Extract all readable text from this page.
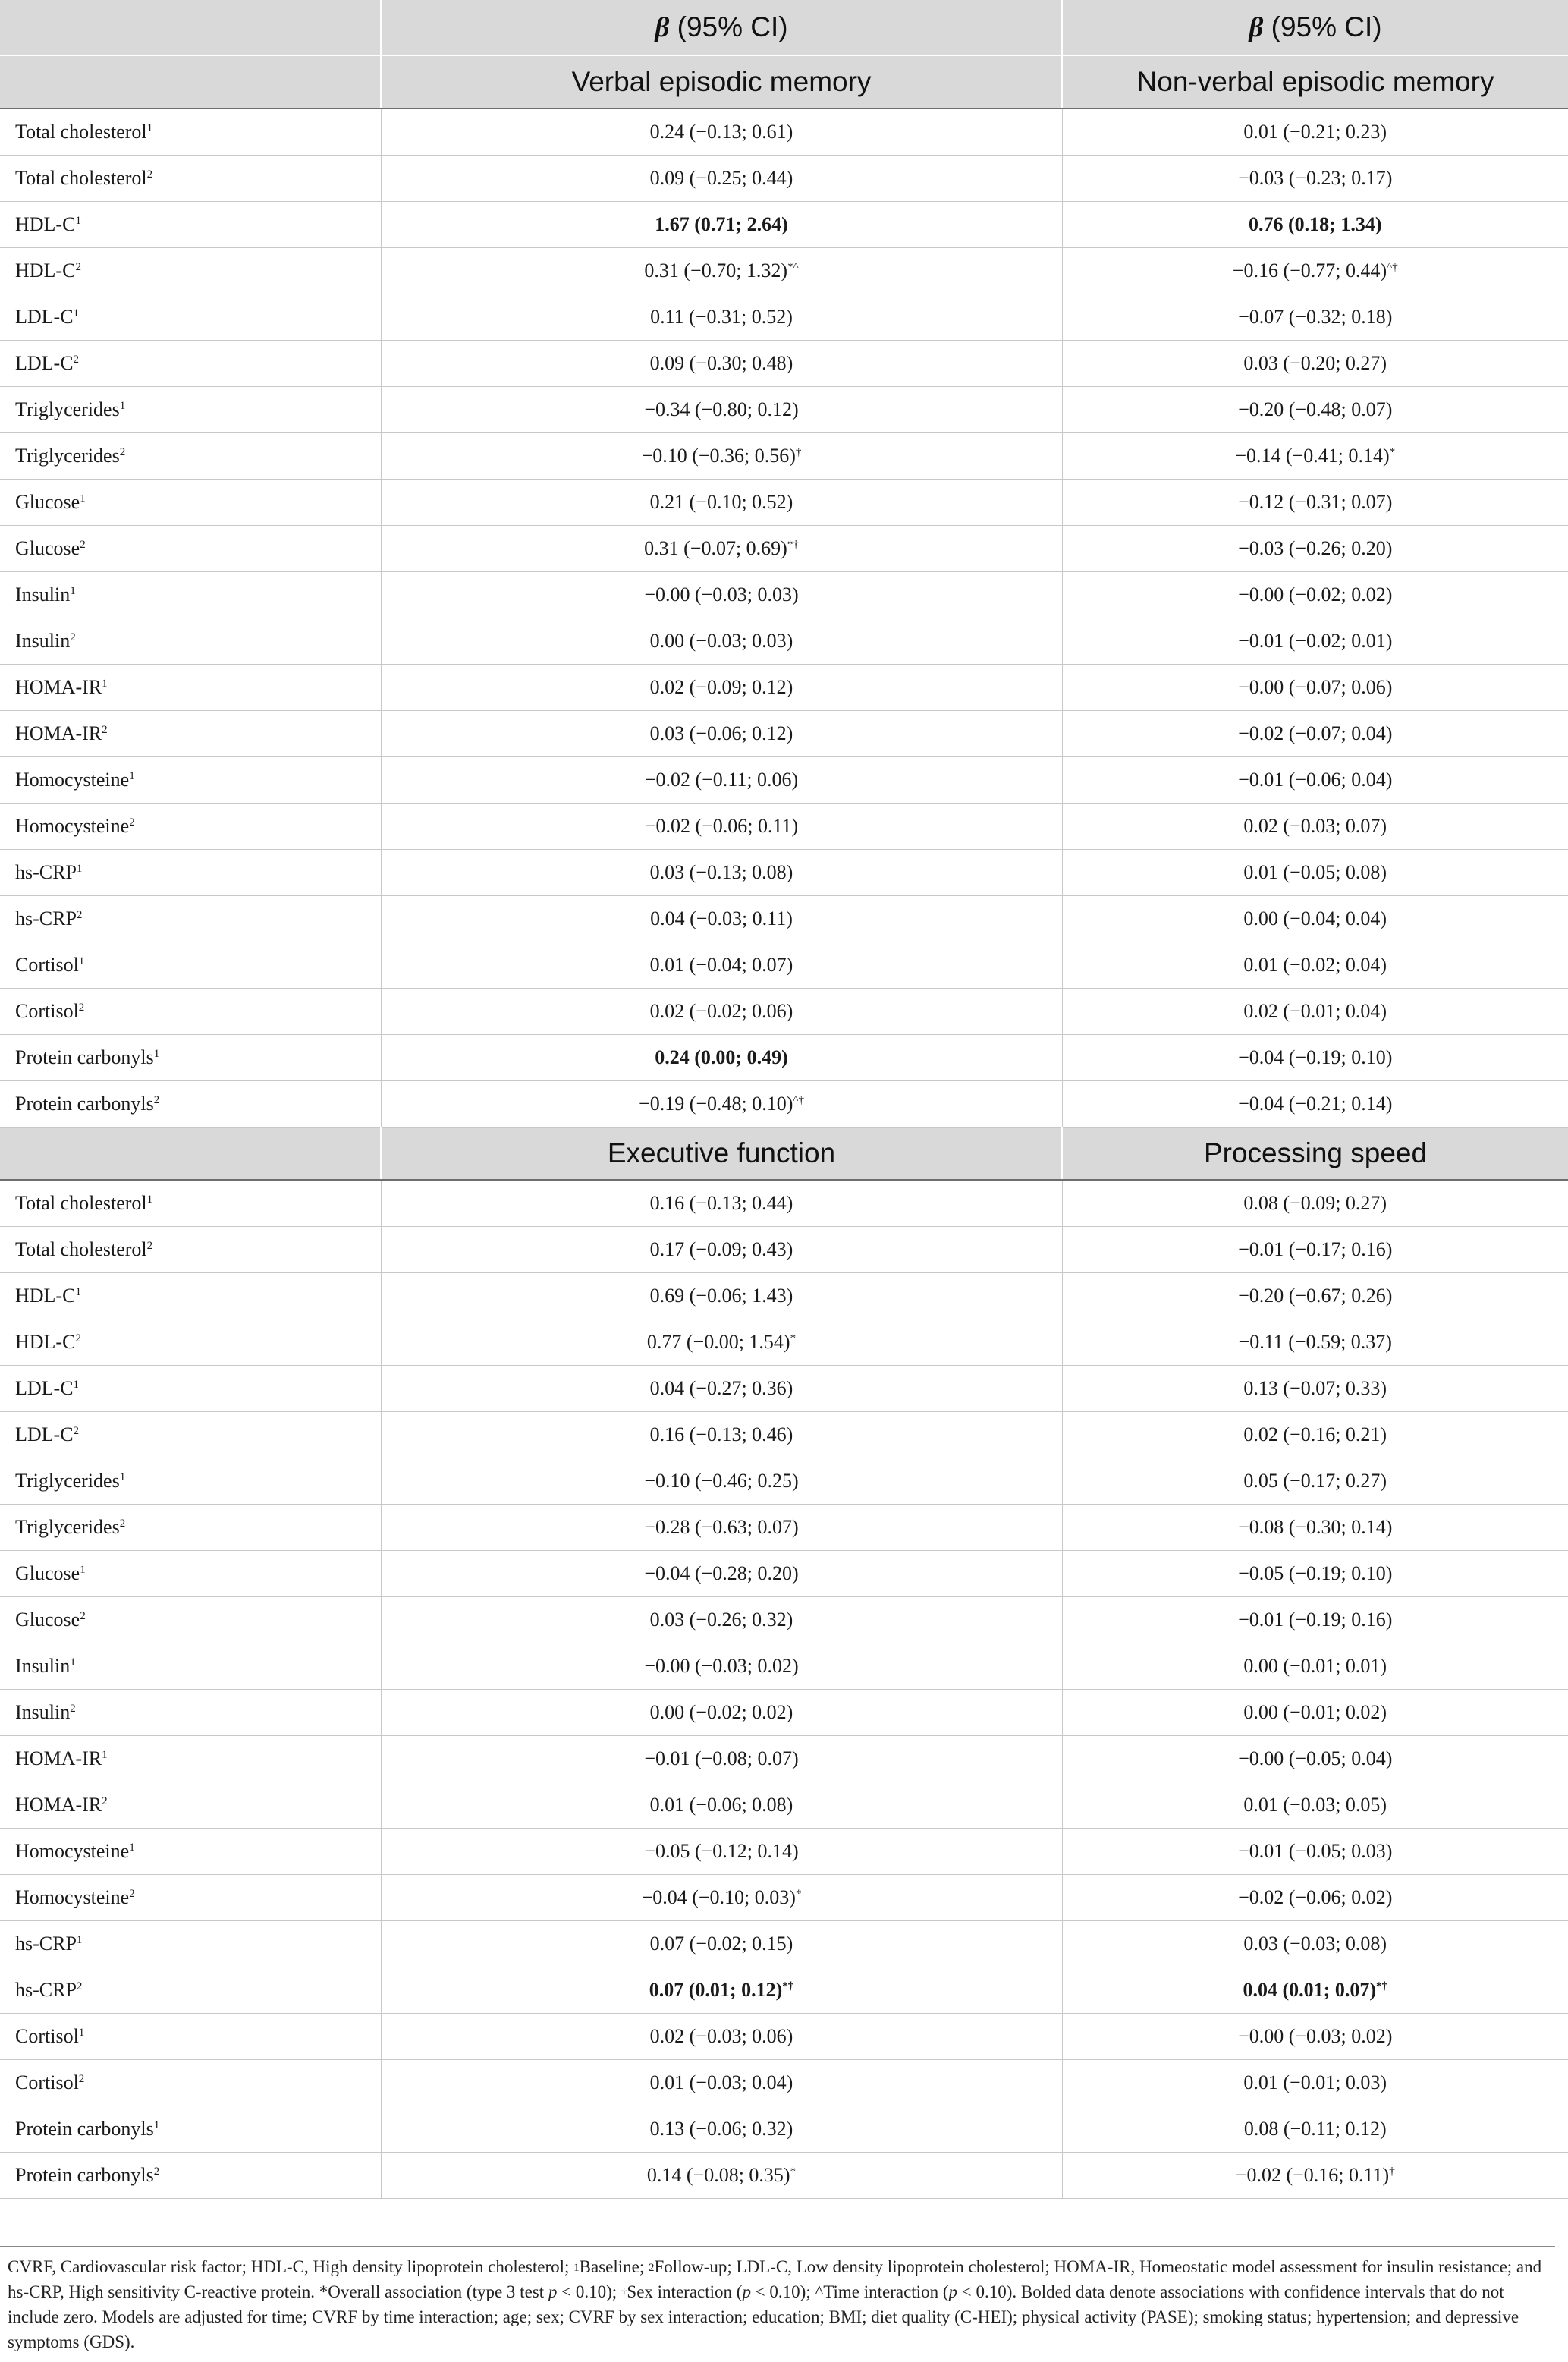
	β (95% CI)	β (95% CI)
	Verbal episodic memory	Non-verbal episodic memory

Total cholesterol$^1$	0.24 (−0.13; 0.61)	0.01 (−0.21; 0.23)
Total cholesterol$^2$	0.09 (−0.25; 0.44)	−0.03 (−0.23; 0.17)
HDL-$C^1$	1.67 (0.71; 2.64)	0.76 (0.18; 1.34)
HDL-$C^2$	0.31 (−0.70; 1.32)*^	−0.16 (−0.77; 0.44)^†
LDL-$C^1$	0.11 (−0.31; 0.52)	−0.07 (−0.32; 0.18)
LDL-$C^2$	0.09 (−0.30; 0.48)	0.03 (−0.20; 0.27)
Triglycerides$^1$	−0.34 (−0.80; 0.12)	−0.20 (−0.48; 0.07)
Triglycerides$^2$	−0.10 (−0.36; 0.56)†	−0.14 (−0.41; 0.14)*
Glucose$^1$	0.21 (−0.10; 0.52)	−0.12 (−0.31; 0.07)
Glucose$^2$	0.31 (−0.07; 0.69)*†	−0.03 (−0.26; 0.20)
Insulin$^1$	−0.00 (−0.03; 0.03)	−0.00 (−0.02; 0.02)
Insulin$^2$	0.00 (−0.03; 0.03)	−0.01 (−0.02; 0.01)
HOMA-$IR^1$	0.02 (−0.09; 0.12)	−0.00 (−0.07; 0.06)
HOMA-$IR^2$	0.03 (−0.06; 0.12)	−0.02 (−0.07; 0.04)
Homocysteine$^1$	−0.02 (−0.11; 0.06)	−0.01 (−0.06; 0.04)
Homocysteine$^2$	−0.02 (−0.06; 0.11)	0.02 (−0.03; 0.07)
hs-CRP$^1$	0.03 (−0.13; 0.08)	0.01 (−0.05; 0.08)
hs-CRP$^2$	0.04 (−0.03; 0.11)	0.00 (−0.04; 0.04)
Cortisol$^1$	0.01 (−0.04; 0.07)	0.01 (−0.02; 0.04)
Cortisol$^2$	0.02 (−0.02; 0.06)	0.02 (−0.01; 0.04)
Protein carbonyls$^1$	0.24 (0.00; 0.49)	−0.04 (−0.19; 0.10)
Protein carbonyls$^2$	−0.19 (−0.48; 0.10)^†	−0.04 (−0.21; 0.14)
	Executive function	Processing speed

Total cholesterol$^1$	0.16 (−0.13; 0.44)	0.08 (−0.09; 0.27)
Total cholesterol$^2$	0.17 (−0.09; 0.43)	−0.01 (−0.17; 0.16)
HDL-$C^1$	0.69 (−0.06; 1.43)	−0.20 (−0.67; 0.26)
HDL-$C^2$	0.77 (−0.00; 1.54)*	−0.11 (−0.59; 0.37)
LDL-$C^1$	0.04 (−0.27; 0.36)	0.13 (−0.07; 0.33)
LDL-$C^2$	0.16 (−0.13; 0.46)	0.02 (−0.16; 0.21)
Triglycerides$^1$	−0.10 (−0.46; 0.25)	0.05 (−0.17; 0.27)
Triglycerides$^2$	−0.28 (−0.63; 0.07)	−0.08 (−0.30; 0.14)
Glucose$^1$	−0.04 (−0.28; 0.20)	−0.05 (−0.19; 0.10)
Glucose$^2$	0.03 (−0.26; 0.32)	−0.01 (−0.19; 0.16)
Insulin$^1$	−0.00 (−0.03; 0.02)	0.00 (−0.01; 0.01)
Insulin$^2$	0.00 (−0.02; 0.02)	0.00 (−0.01; 0.02)
HOMA-$IR^1$	−0.01 (−0.08; 0.07)	−0.00 (−0.05; 0.04)
HOMA-$IR^2$	0.01 (−0.06; 0.08)	0.01 (−0.03; 0.05)
Homocysteine$^1$	−0.05 (−0.12; 0.14)	−0.01 (−0.05; 0.03)
Homocysteine$^2$	−0.04 (−0.10; 0.03)*	−0.02 (−0.06; 0.02)
hs-CRP$^1$	0.07 (−0.02; 0.15)	0.03 (−0.03; 0.08)
hs-CRP$^2$	0.07 (0.01; 0.12)*†	0.04 (0.01; 0.07)*†
Cortisol$^1$	0.02 (−0.03; 0.06)	−0.00 (−0.03; 0.02)
Cortisol$^2$	0.01 (−0.03; 0.04)	0.01 (−0.01; 0.03)
Protein carbonyls$^1$	0.13 (−0.06; 0.32)	0.08 (−0.11; 0.12)
Protein carbonyls$^2$	0.14 (−0.08; 0.35)*	−0.02 (−0.16; 0.11)†
CVRF, Cardiovascular risk factor; HDL-C, High density lipoprotein cholesterol; $^1$Baseline; $^2$Follow-up; LDL-C, Low density lipoprotein cholesterol; HOMA-IR, Homeostatic model assessment for insulin resistance; and hs-CRP, High sensitivity C-reactive protein. *Overall association (type 3 test p < 0.10); †Sex interaction (p < 0.10); ^Time interaction (p < 0.10). Bolded data denote associations with confidence intervals that do not include zero. Models are adjusted for time; CVRF by time interaction; age; sex; CVRF by sex interaction; education; BMI; diet quality (C-HEI); physical activity (PASE); smoking status; hypertension; and depressive symptoms (GDS).
